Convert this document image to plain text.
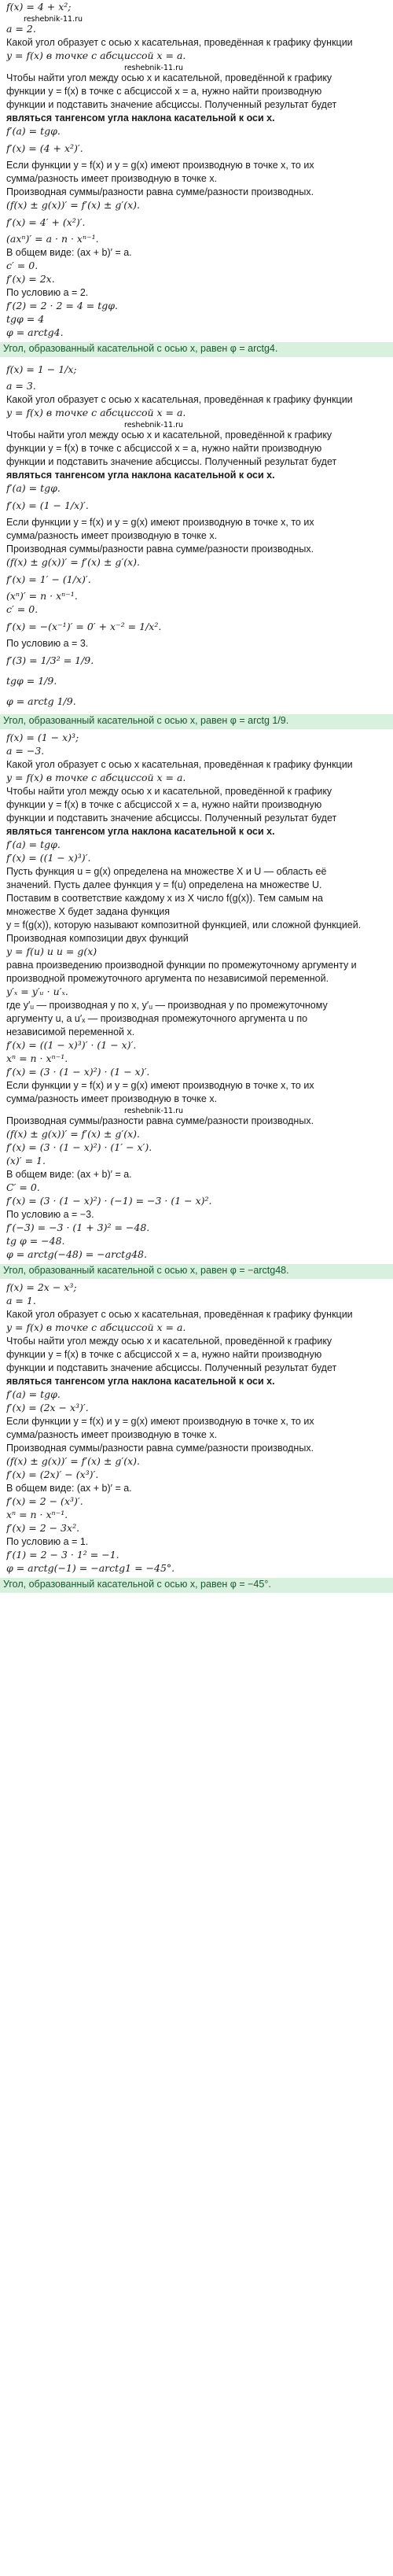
f(x) = 4 + x²;
reshebnik-11.ru
a = 2.
Какой угол образует с осью x касательная, проведённая к графику функции
y = f(x) в точке с абсциссой x = a.
reshebnik-11.ru
Чтобы найти угол между осью x и касательной, проведённой к графику
функции y = f(x) в точке с абсциссой x = a, нужно найти производную
функции и подставить значение абсциссы. Полученный результат будет
являться тангенсом угла наклона касательной к оси x.
f′(a) = tgφ.
f′(x) = (4 + x²)′.
Если функции y = f(x) и y = g(x) имеют производную в точке x, то их
сумма/разность имеет производную в точке x.
Производная суммы/разности равна сумме/разности производных.
(f(x) ± g(x))′ = f′(x) ± g′(x).
f′(x) = 4′ + (x²)′.
(axⁿ)′ = a · n · xⁿ⁻¹.
В общем виде: (ax + b)′ = a.
c′ = 0.
f′(x) = 2x.
По условию a = 2.
f′(2) = 2 · 2 = 4 = tgφ.
tgφ = 4
φ = arctg4.
Угол, образованный касательной с осью x, равен φ = arctg4.
f(x) = 1 − 1/x;
a = 3.
Какой угол образует с осью x касательная, проведённая к графику функции
y = f(x) в точке с абсциссой x = a.
reshebnik-11.ru
Чтобы найти угол между осью x и касательной, проведённой к графику
функции y = f(x) в точке с абсциссой x = a, нужно найти производную
функции и подставить значение абсциссы. Полученный результат будет
являться тангенсом угла наклона касательной к оси x.
f′(a) = tgφ.
f′(x) = (1 − 1/x)′.
Если функции y = f(x) и y = g(x) имеют производную в точке x, то их
сумма/разность имеет производную в точке x.
Производная суммы/разности равна сумме/разности производных.
(f(x) ± g(x))′ = f′(x) ± g′(x).
f′(x) = 1′ − (1/x)′.
(xⁿ)′ = n · xⁿ⁻¹.
c′ = 0.
f′(x) = −(x⁻¹)′ = 0′ + x⁻² = 1/x².
По условию a = 3.
f′(3) = 1/3² = 1/9.
tgφ = 1/9.
φ = arctg 1/9.
Угол, образованный касательной с осью x, равен φ = arctg 1/9.
f(x) = (1 − x)³;
a = −3.
Какой угол образует с осью x касательная, проведённая к графику функции
y = f(x) в точке с абсциссой x = a.
Чтобы найти угол между осью x и касательной, проведённой к графику
функции y = f(x) в точке с абсциссой x = a, нужно найти производную
функции и подставить значение абсциссы. Полученный результат будет
являться тангенсом угла наклона касательной к оси x.
f′(a) = tgφ.
f′(x) = ((1 − x)³)′.
Пусть функция u = g(x) определена на множестве X и U — область её
значений. Пусть далее функция y = f(u) определена на множестве U.
Поставим в соответствие каждому x из X число f(g(x)). Тем самым на
множестве X будет задана функция
y = f(g(x)), которую называют композитной функцией, или сложной функцией.
Производная композиции двух функций
y = f(u) и u = g(x)
равна произведению производной функции по промежуточному аргументу и
производной промежуточного аргумента по независимой переменной.
y′ₓ = y′ᵤ · u′ₓ.
где y′ᵤ — производная y по x, y′ᵤ — производная y по промежуточному
аргументу u, а u′ₓ — производная промежуточного аргумента u по
независимой переменной x.
f′(x) = ((1 − x)³)′ · (1 − x)′.
xⁿ = n · xⁿ⁻¹.
f′(x) = (3 · (1 − x)²) · (1 − x)′.
Если функции y = f(x) и y = g(x) имеют производную в точке x, то их
сумма/разность имеет производную в точке x.
reshebnik-11.ru
Производная суммы/разности равна сумме/разности производных.
(f(x) ± g(x))′ = f′(x) ± g′(x).
f′(x) = (3 · (1 − x)²) · (1′ − x′).
(x)′ = 1.
В общем виде: (ax + b)′ = a.
C′ = 0.
f′(x) = (3 · (1 − x)²) · (−1) = −3 · (1 − x)².
По условию a = −3.
f′(−3) = −3 · (1 + 3)² = −48.
tg φ = −48.
φ = arctg(−48) = −arctg48.
Угол, образованный касательной с осью x, равен φ = −arctg48.
f(x) = 2x − x³;
a = 1.
Какой угол образует с осью x касательная, проведённая к графику функции
y = f(x) в точке с абсциссой x = a.
Чтобы найти угол между осью x и касательной, проведённой к графику
функции y = f(x) в точке с абсциссой x = a, нужно найти производную
функции и подставить значение абсциссы. Полученный результат будет
являться тангенсом угла наклона касательной к оси x.
f′(a) = tgφ.
f′(x) = (2x − x³)′.
Если функции y = f(x) и y = g(x) имеют производную в точке x, то их
сумма/разность имеет производную в точке x.
Производная суммы/разности равна сумме/разности производных.
(f(x) ± g(x))′ = f′(x) ± g′(x).
f′(x) = (2x)′ − (x³)′.
В общем виде: (ax + b)′ = a.
f′(x) = 2 − (x³)′.
xⁿ = n · xⁿ⁻¹.
f′(x) = 2 − 3x².
По условию a = 1.
f′(1) = 2 − 3 · 1² = −1.
φ = arctg(−1) = −arctg1 = −45°.
Угол, образованный касательной с осью x, равен φ = −45°.
